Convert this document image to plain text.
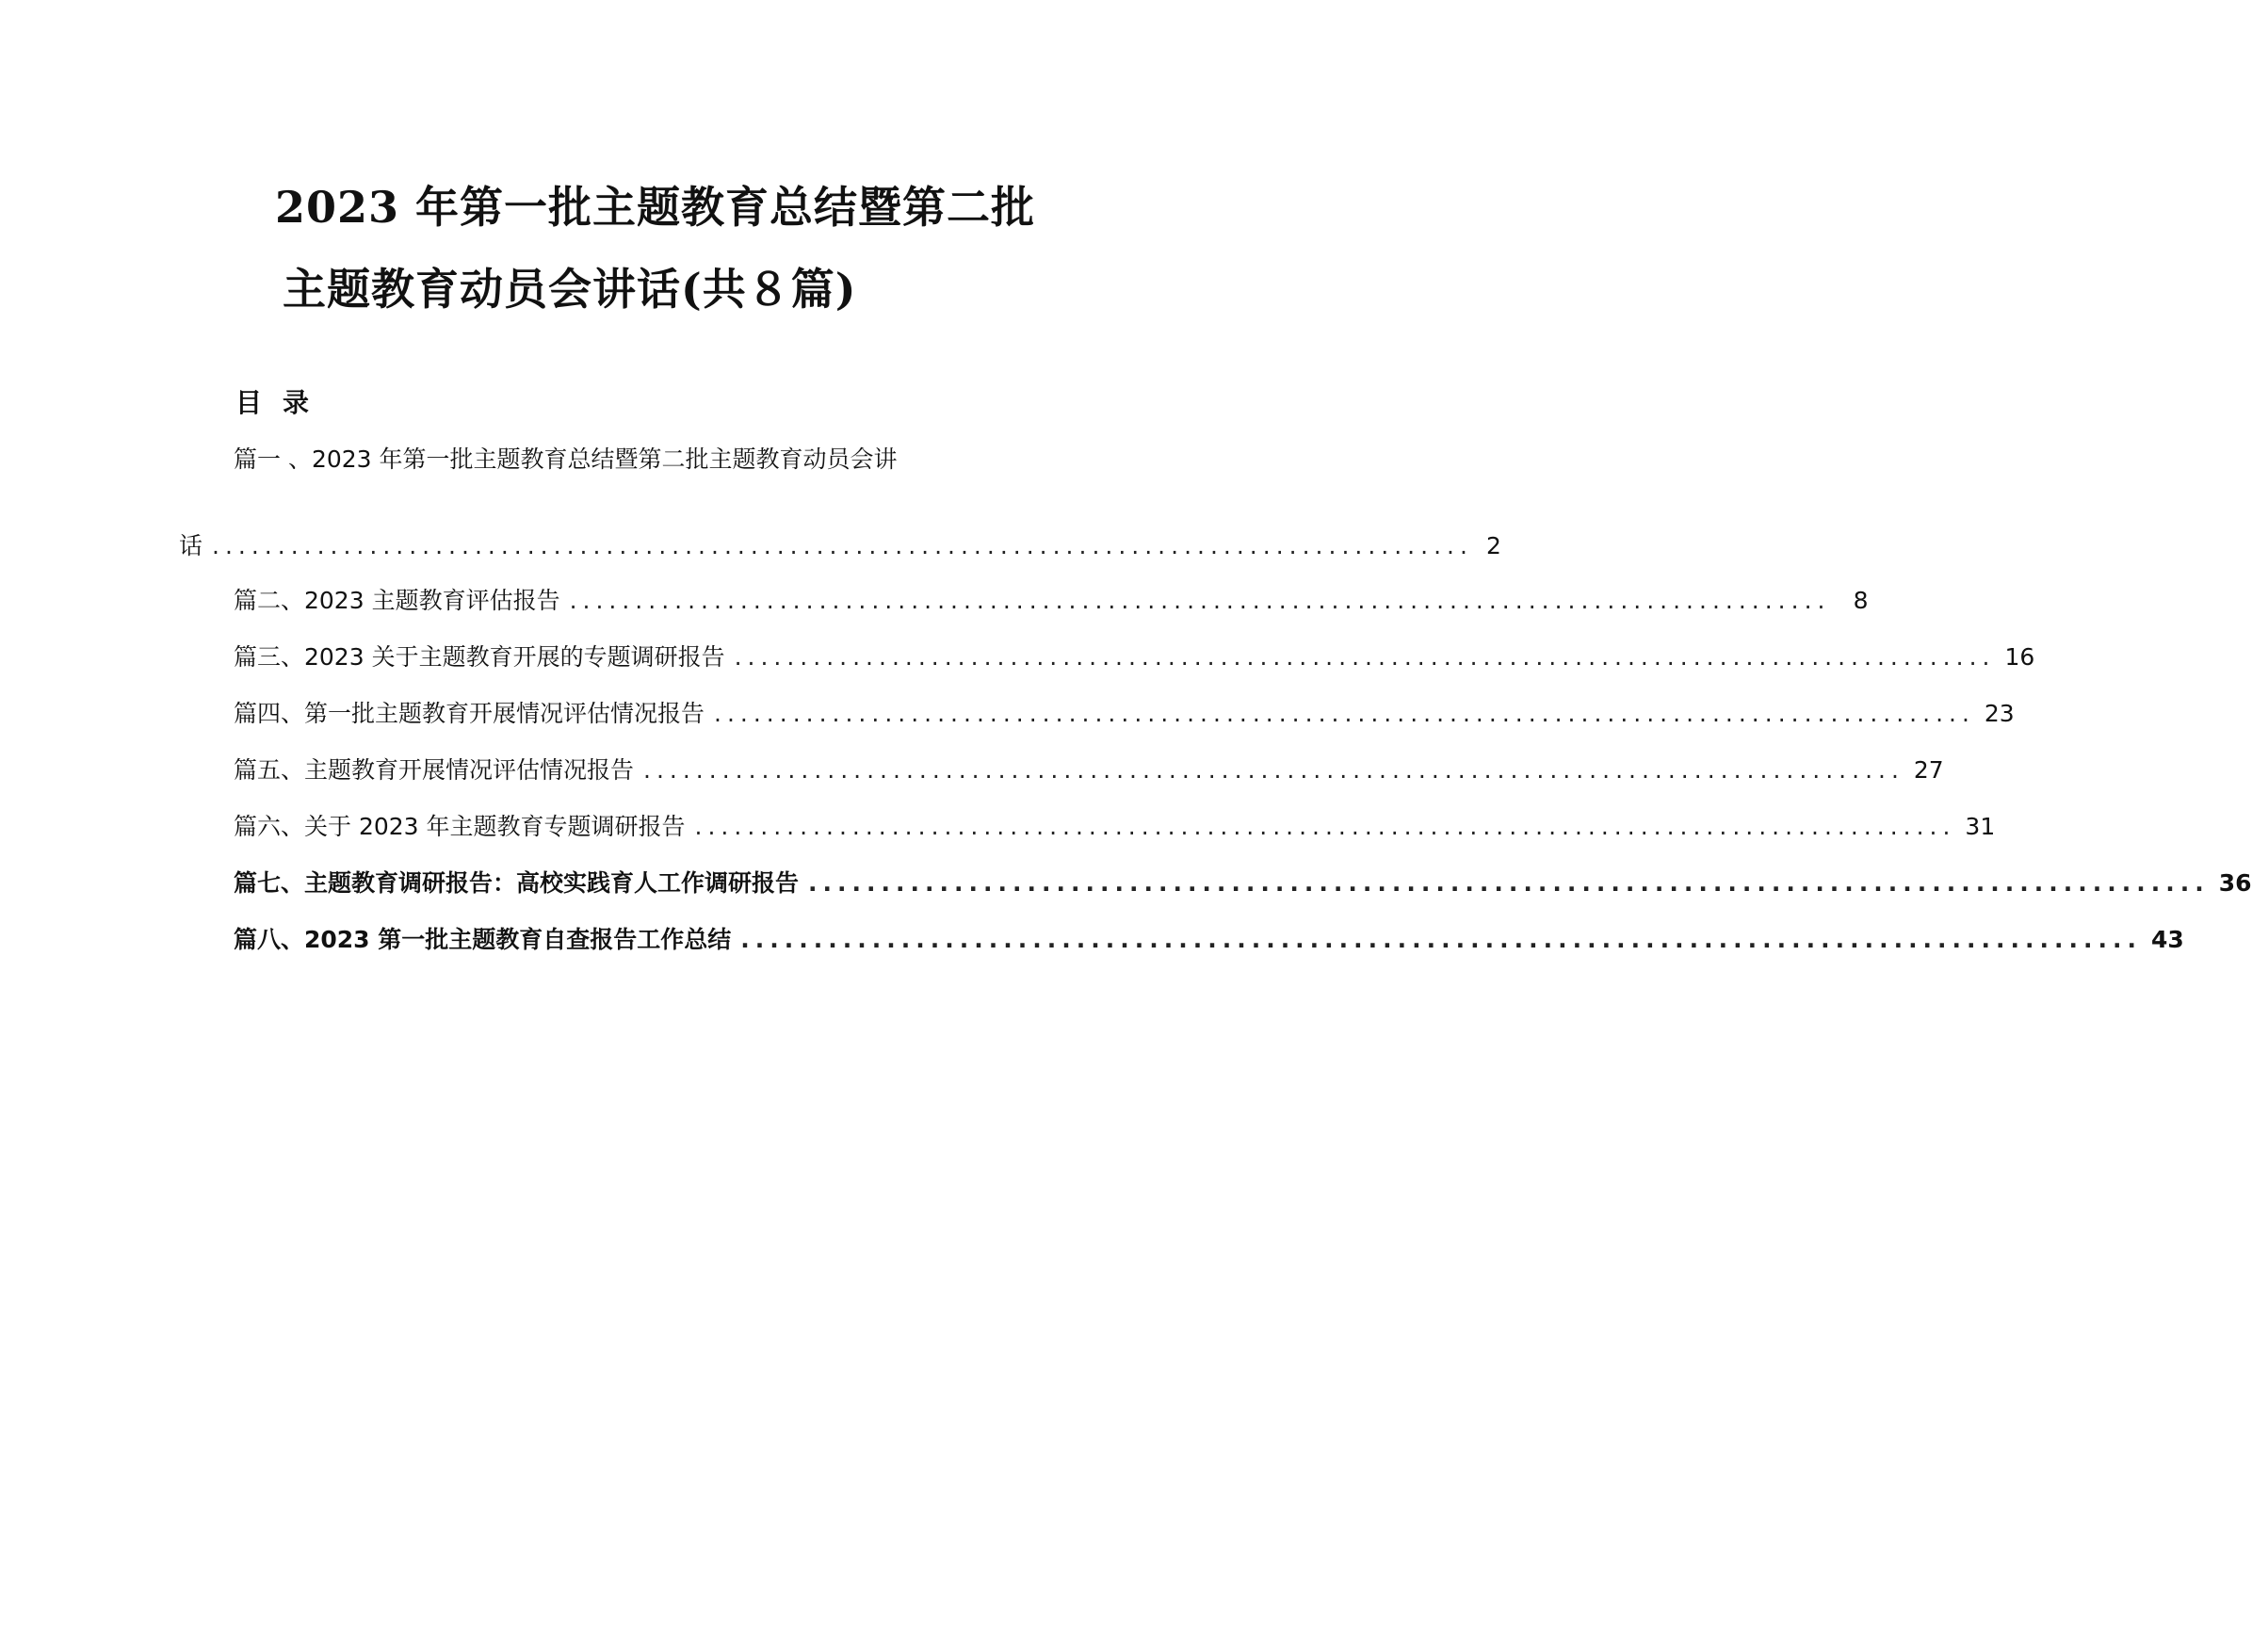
2023 年第一批主题教育总结暨第二批
主题教育动员会讲话(共８篇)
目录
篇一 、2023 年第一批主题教育总结暨第二批主题教育动员会讲
话 ................................................................................................ 2
篇二、2023 主题教育评估报告 ................................................................................................ 8
篇三、2023 关于主题教育开展的专题调研报告 ................................................................................................ 16
篇四、第一批主题教育开展情况评估情况报告 ................................................................................................ 23
篇五、主题教育开展情况评估情况报告 ................................................................................................ 27
篇六、关于 2023 年主题教育专题调研报告 ................................................................................................ 31
篇七、主题教育调研报告：高校实践育人工作调研报告 ................................................................................................ 36
篇八、2023 第一批主题教育自查报告工作总结 ................................................................................................ 43
